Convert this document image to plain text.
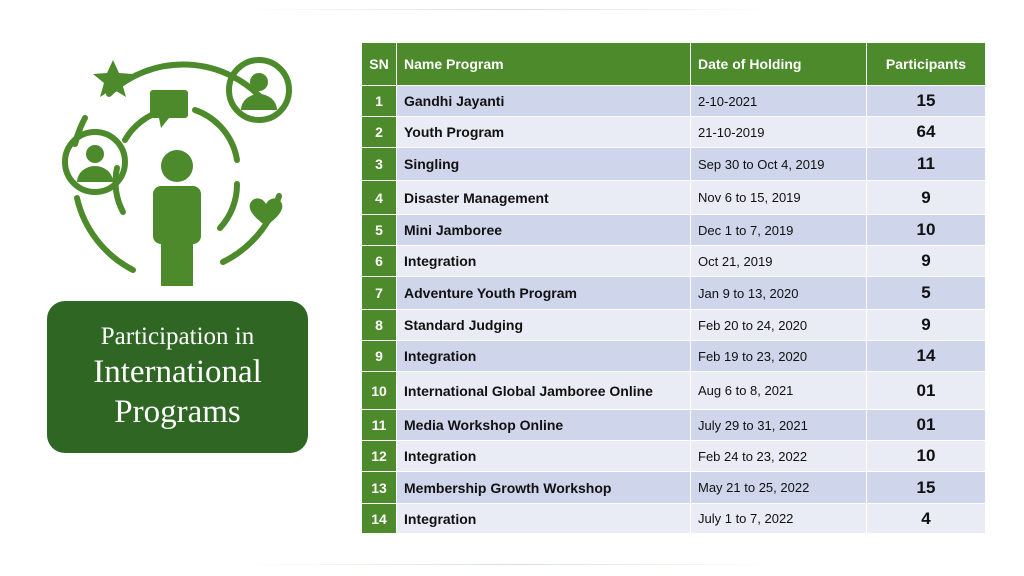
Participation in
International
Programs
SN	Name Program	Date of Holding	Participants
1	Gandhi Jayanti	2-10-2021	15
2	Youth Program	21-10-2019	64
3	Singling	Sep 30 to Oct 4, 2019	11
4	Disaster Management	Nov 6 to 15, 2019	9
5	Mini Jamboree	Dec 1 to 7, 2019	10
6	Integration	Oct 21, 2019	9
7	Adventure Youth Program	Jan 9 to 13, 2020	5
8	Standard Judging	Feb 20 to 24, 2020	9
9	Integration	Feb 19 to 23, 2020	14
10	International Global Jamboree Online	Aug 6 to 8, 2021	01
11	Media Workshop Online	July 29 to 31, 2021	01
12	Integration	Feb 24 to 23, 2022	10
13	Membership Growth Workshop	May 21 to 25, 2022	15
14	Integration	July 1 to 7, 2022	4
